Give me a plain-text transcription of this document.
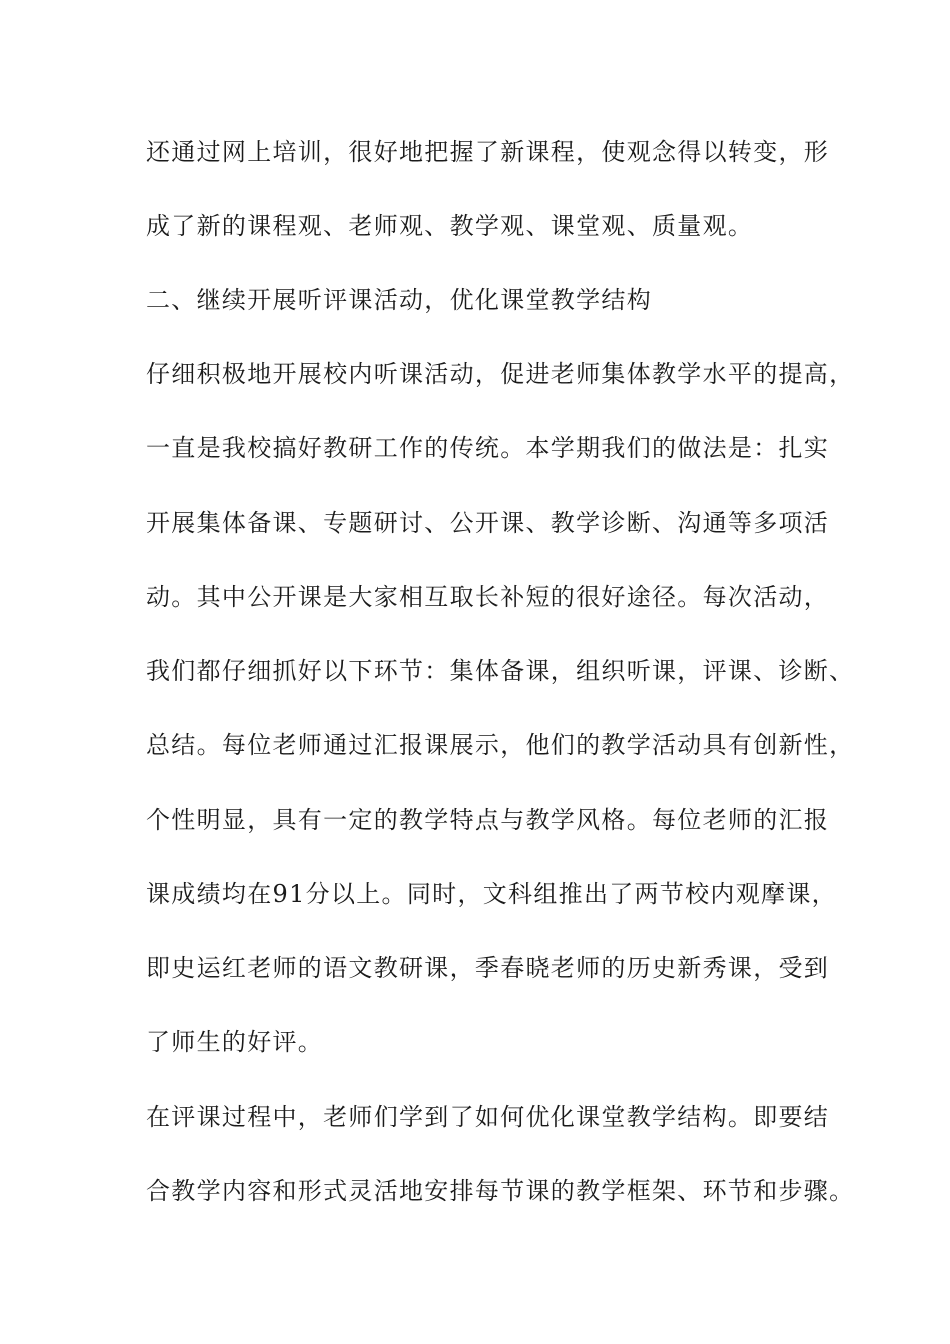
还通过网上培训，很好地把握了新课程，使观念得以转变，形
成了新的课程观、老师观、教学观、课堂观、质量观。
二、继续开展听评课活动，优化课堂教学结构
仔细积极地开展校内听课活动，促进老师集体教学水平的提高，
一直是我校搞好教研工作的传统。本学期我们的做法是：扎实
开展集体备课、专题研讨、公开课、教学诊断、沟通等多项活
动。其中公开课是大家相互取长补短的很好途径。每次活动，
我们都仔细抓好以下环节：集体备课，组织听课，评课、诊断、
总结。每位老师通过汇报课展示，他们的教学活动具有创新性，
个性明显，具有一定的教学特点与教学风格。每位老师的汇报
课成绩均在91分以上。同时，文科组推出了两节校内观摩课，
即史运红老师的语文教研课，季春晓老师的历史新秀课，受到
了师生的好评。
在评课过程中，老师们学到了如何优化课堂教学结构。即要结
合教学内容和形式灵活地安排每节课的教学框架、环节和步骤。
